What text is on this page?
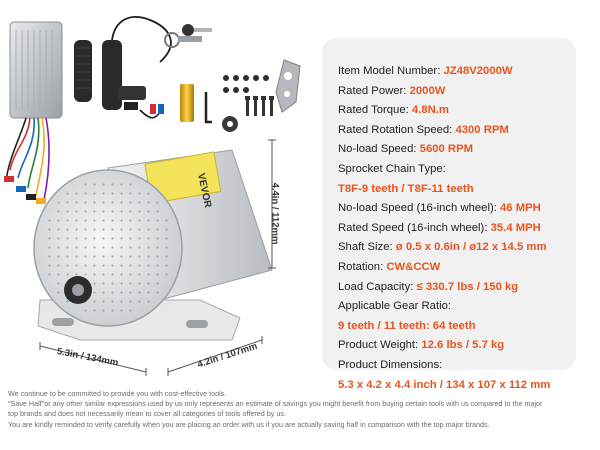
VEVOR
5.3in / 134mm	4.2in / 107mm
4.4in / 112mm
Item Model Number: JZ48V2000W
Rated Power: 2000W
Rated Torque: 4.8N.m
Rated Rotation Speed: 4300 RPM
No-load Speed: 5600 RPM
Sprocket Chain Type:
T8F-9 teeth / T8F-11 teeth
No-load Speed (16-inch wheel): 46 MPH
Rated Speed (16-inch wheel): 35.4 MPH
Shaft Size: ø 0.5 x 0.6in / ø12 x 14.5 mm
Rotation: CW&CCW
Load Capacity: ≤ 330.7 lbs / 150 kg
Applicable Gear Ratio:
9 teeth / 11 teeth: 64 teeth
Product Weight: 12.6 lbs / 5.7 kg
Product Dimensions:
5.3 x 4.2 x 4.4 inch / 134 x 107 x 112 mm
We continue to be committed to provide you with cost-effective tools.
"Save Half"or any other similar expressions used by us only represents an estimate of savings you might benefit from buying certain tools with us compared to the major
top brands and does not necessarily mean to cover all categories of tools offered by us.
You are kindly reminded to verify carefully when you are placing an order with us if you are actually saving half in comparison with the top major brands.
